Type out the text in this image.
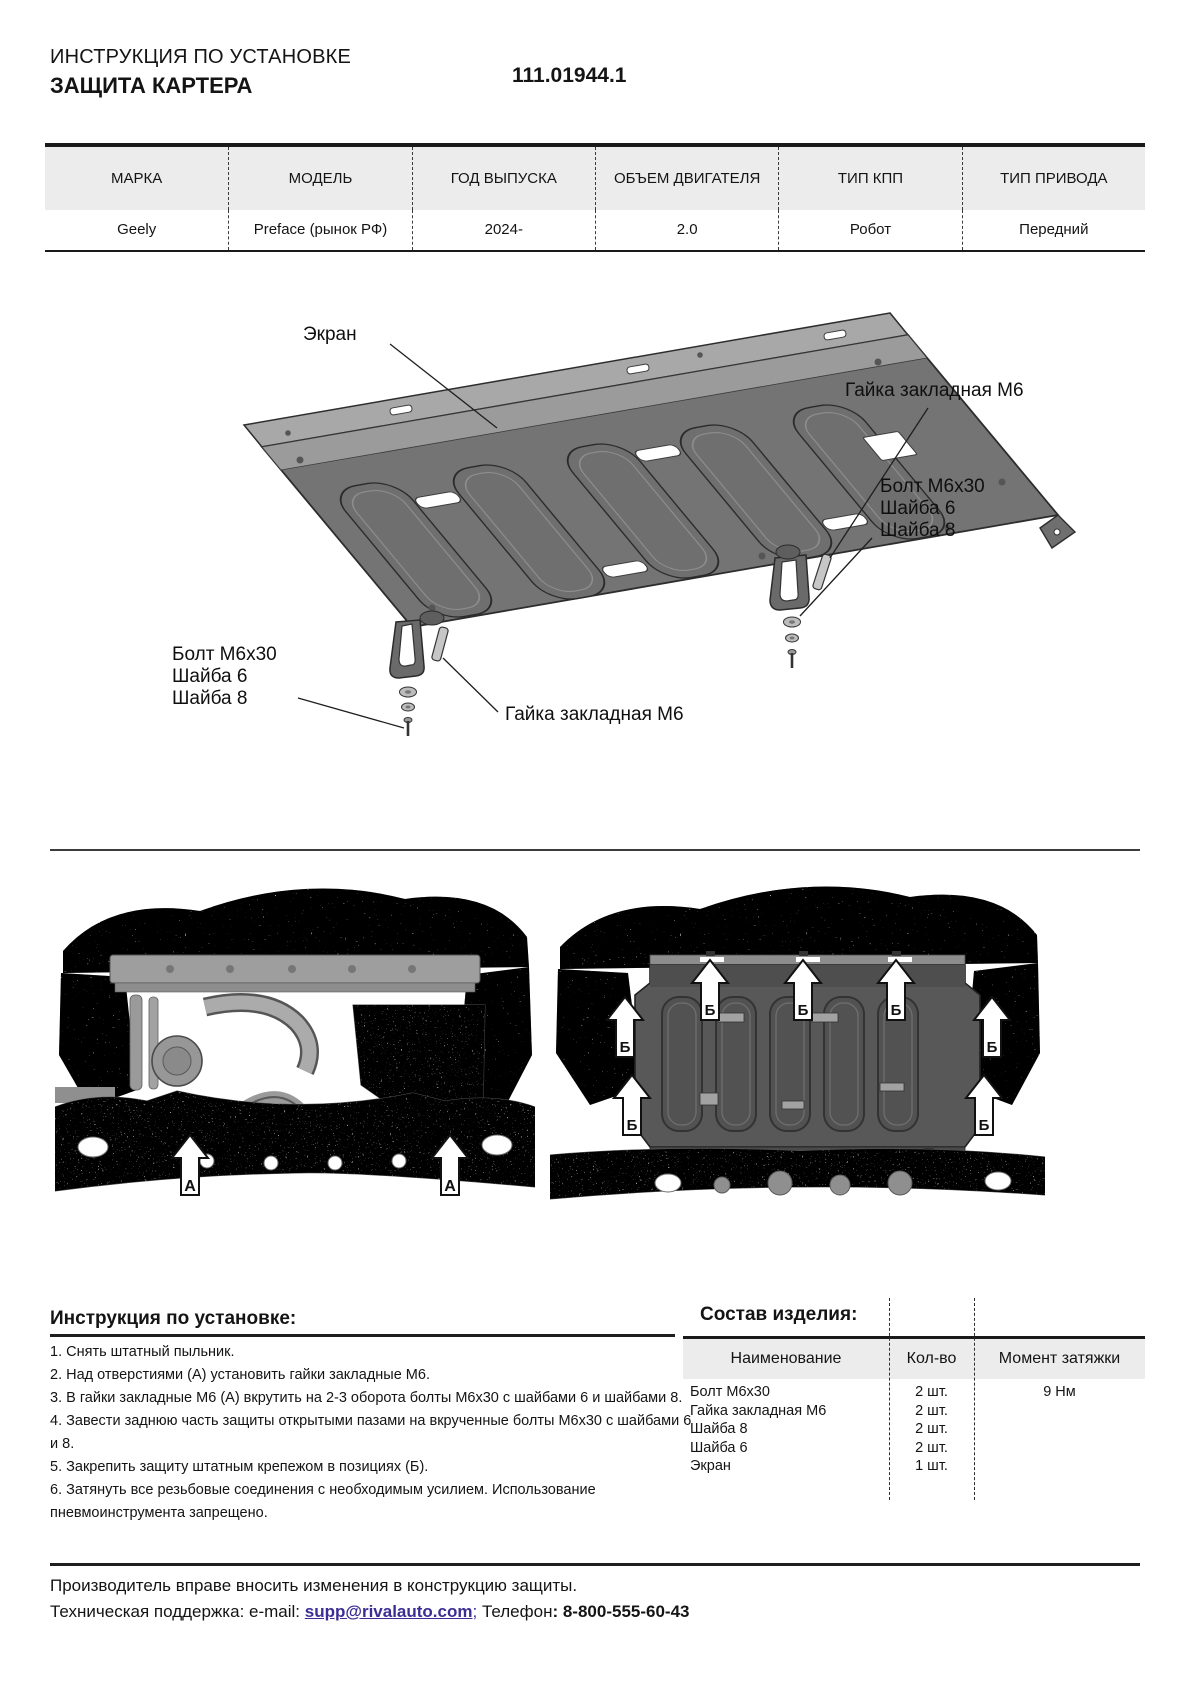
ИНСТРУКЦИЯ ПО УСТАНОВКЕ
ЗАЩИТА КАРТЕРА	111.01944.1
МАРКА	МОДЕЛЬ	ГОД ВЫПУСКА	ОБЪЕМ ДВИГАТЕЛЯ	ТИП КПП	ТИП ПРИВОДА
Geely	Preface (рынок РФ)	2024-	2.0	Робот	Передний
Экран
Гайка закладная М6
Болт М6х30
Шайба 6
Шайба 8
Болт М6х30
Шайба 6
Шайба 8
Гайка закладная М6
А	А
Б	Б	Б
Б	Б
Б	Б
Инструкция по установке:

1. Снять штатный пыльник.

2. Над отверстиями (А) установить гайки закладные М6.

3. В гайки закладные М6 (А) вкрутить на 2-3 оборота болты М6х30 с шайбами 6 и шайбами 8.

4. Завести заднюю часть защиты открытыми пазами на вкрученные болты М6х30 с шайбами 6 и 8.

5. Закрепить защиту штатным крепежом в позициях (Б).

6. Затянуть все резьбовые соединения с необходимым усилием. Использование пневмоинструмента запрещено.

Состав изделия:
Наименование	Кол-во	Момент затяжки
Болт М6х30	2 шт.	9 Нм
Гайка закладная М6	2 шт.
Шайба 8	2 шт.
Шайба 6	2 шт.
Экран	1 шт.
Производитель вправе вносить изменения в конструкцию защиты.
Техническая поддержка: e-mail: supp@rivalauto.com; Телефон: 8-800-555-60-43
